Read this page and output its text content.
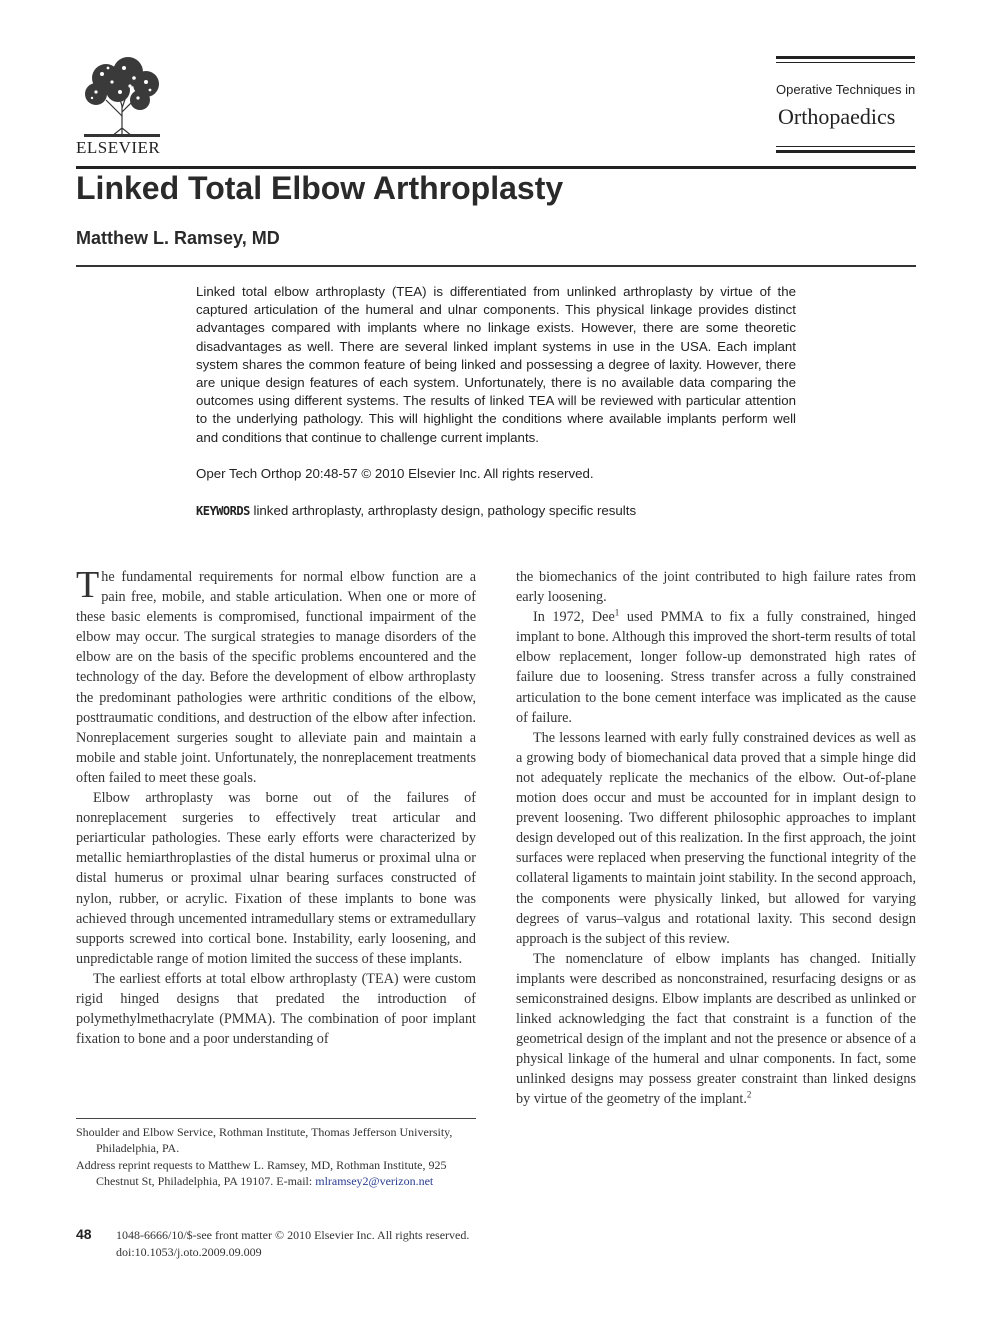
ELSEVIER
Operative Techniques in
Orthopaedics
Linked Total Elbow Arthroplasty
Matthew L. Ramsey, MD
Linked total elbow arthroplasty (TEA) is differentiated from unlinked arthroplasty by virtue of the captured articulation of the humeral and ulnar components. This physical linkage provides distinct advantages compared with implants where no linkage exists. However, there are some theoretic disadvantages as well. There are several linked implant systems in use in the USA. Each implant system shares the common feature of being linked and possessing a degree of laxity. However, there are unique design features of each system. Unfortunately, there is no available data comparing the outcomes using different systems. The results of linked TEA will be reviewed with particular attention to the underlying pathology. This will highlight the conditions where available implants perform well and conditions that continue to challenge current implants.
Oper Tech Orthop 20:48-57 © 2010 Elsevier Inc. All rights reserved.
KEYWORDS linked arthroplasty, arthroplasty design, pathology specific results

The fundamental requirements for normal elbow function are a pain free, mobile, and stable articulation. When one or more of these basic elements is compromised, functional impairment of the elbow may occur. The surgical strategies to manage disorders of the elbow are on the basis of the specific problems encountered and the technology of the day. Before the development of elbow arthroplasty the predominant pathologies were arthritic conditions of the elbow, posttraumatic conditions, and destruction of the elbow after infection. Nonreplacement surgeries sought to alleviate pain and maintain a mobile and stable joint. Unfortunately, the nonreplacement treatments often failed to meet these goals.

Elbow arthroplasty was borne out of the failures of nonreplacement surgeries to effectively treat articular and periarticular pathologies. These early efforts were characterized by metallic hemiarthroplasties of the distal humerus or proximal ulna or distal humerus or proximal ulnar bearing surfaces constructed of nylon, rubber, or acrylic. Fixation of these implants to bone was achieved through uncemented intramedullary stems or extramedullary supports screwed into cortical bone. Instability, early loosening, and unpredictable range of motion limited the success of these implants.

The earliest efforts at total elbow arthroplasty (TEA) were custom rigid hinged designs that predated the introduction of polymethylmethacrylate (PMMA). The combination of poor implant fixation to bone and a poor understanding of

the biomechanics of the joint contributed to high failure rates from early loosening.

In 1972, Dee$^1$ used PMMA to fix a fully constrained, hinged implant to bone. Although this improved the short-term results of total elbow replacement, longer follow-up demonstrated high rates of failure due to loosening. Stress transfer across a fully constrained articulation to the bone cement interface was implicated as the cause of failure.

The lessons learned with early fully constrained devices as well as a growing body of biomechanical data proved that a simple hinge did not adequately replicate the mechanics of the elbow. Out-of-plane motion does occur and must be accounted for in implant design to prevent loosening. Two different philosophic approaches to implant design developed out of this realization. In the first approach, the joint surfaces were replaced when preserving the functional integrity of the collateral ligaments to maintain joint stability. In the second approach, the components were physically linked, but allowed for varying degrees of varus–valgus and rotational laxity. This second design approach is the subject of this review.

The nomenclature of elbow implants has changed. Initially implants were described as nonconstrained, resurfacing designs or as semiconstrained designs. Elbow implants are described as unlinked or linked acknowledging the fact that constraint is a function of the geometrical design of the implant and not the presence or absence of a physical linkage of the humeral and ulnar components. In fact, some unlinked designs may possess greater constraint than linked designs by virtue of the geometry of the implant.$^2$

Shoulder and Elbow Service, Rothman Institute, Thomas Jefferson University, Philadelphia, PA.

Address reprint requests to Matthew L. Ramsey, MD, Rothman Institute, 925 Chestnut St, Philadelphia, PA 19107. E-mail: mlramsey2@verizon.net

48 1048-6666/10/$-see front matter © 2010 Elsevier Inc. All rights reserved.
doi:10.1053/j.oto.2009.09.009
